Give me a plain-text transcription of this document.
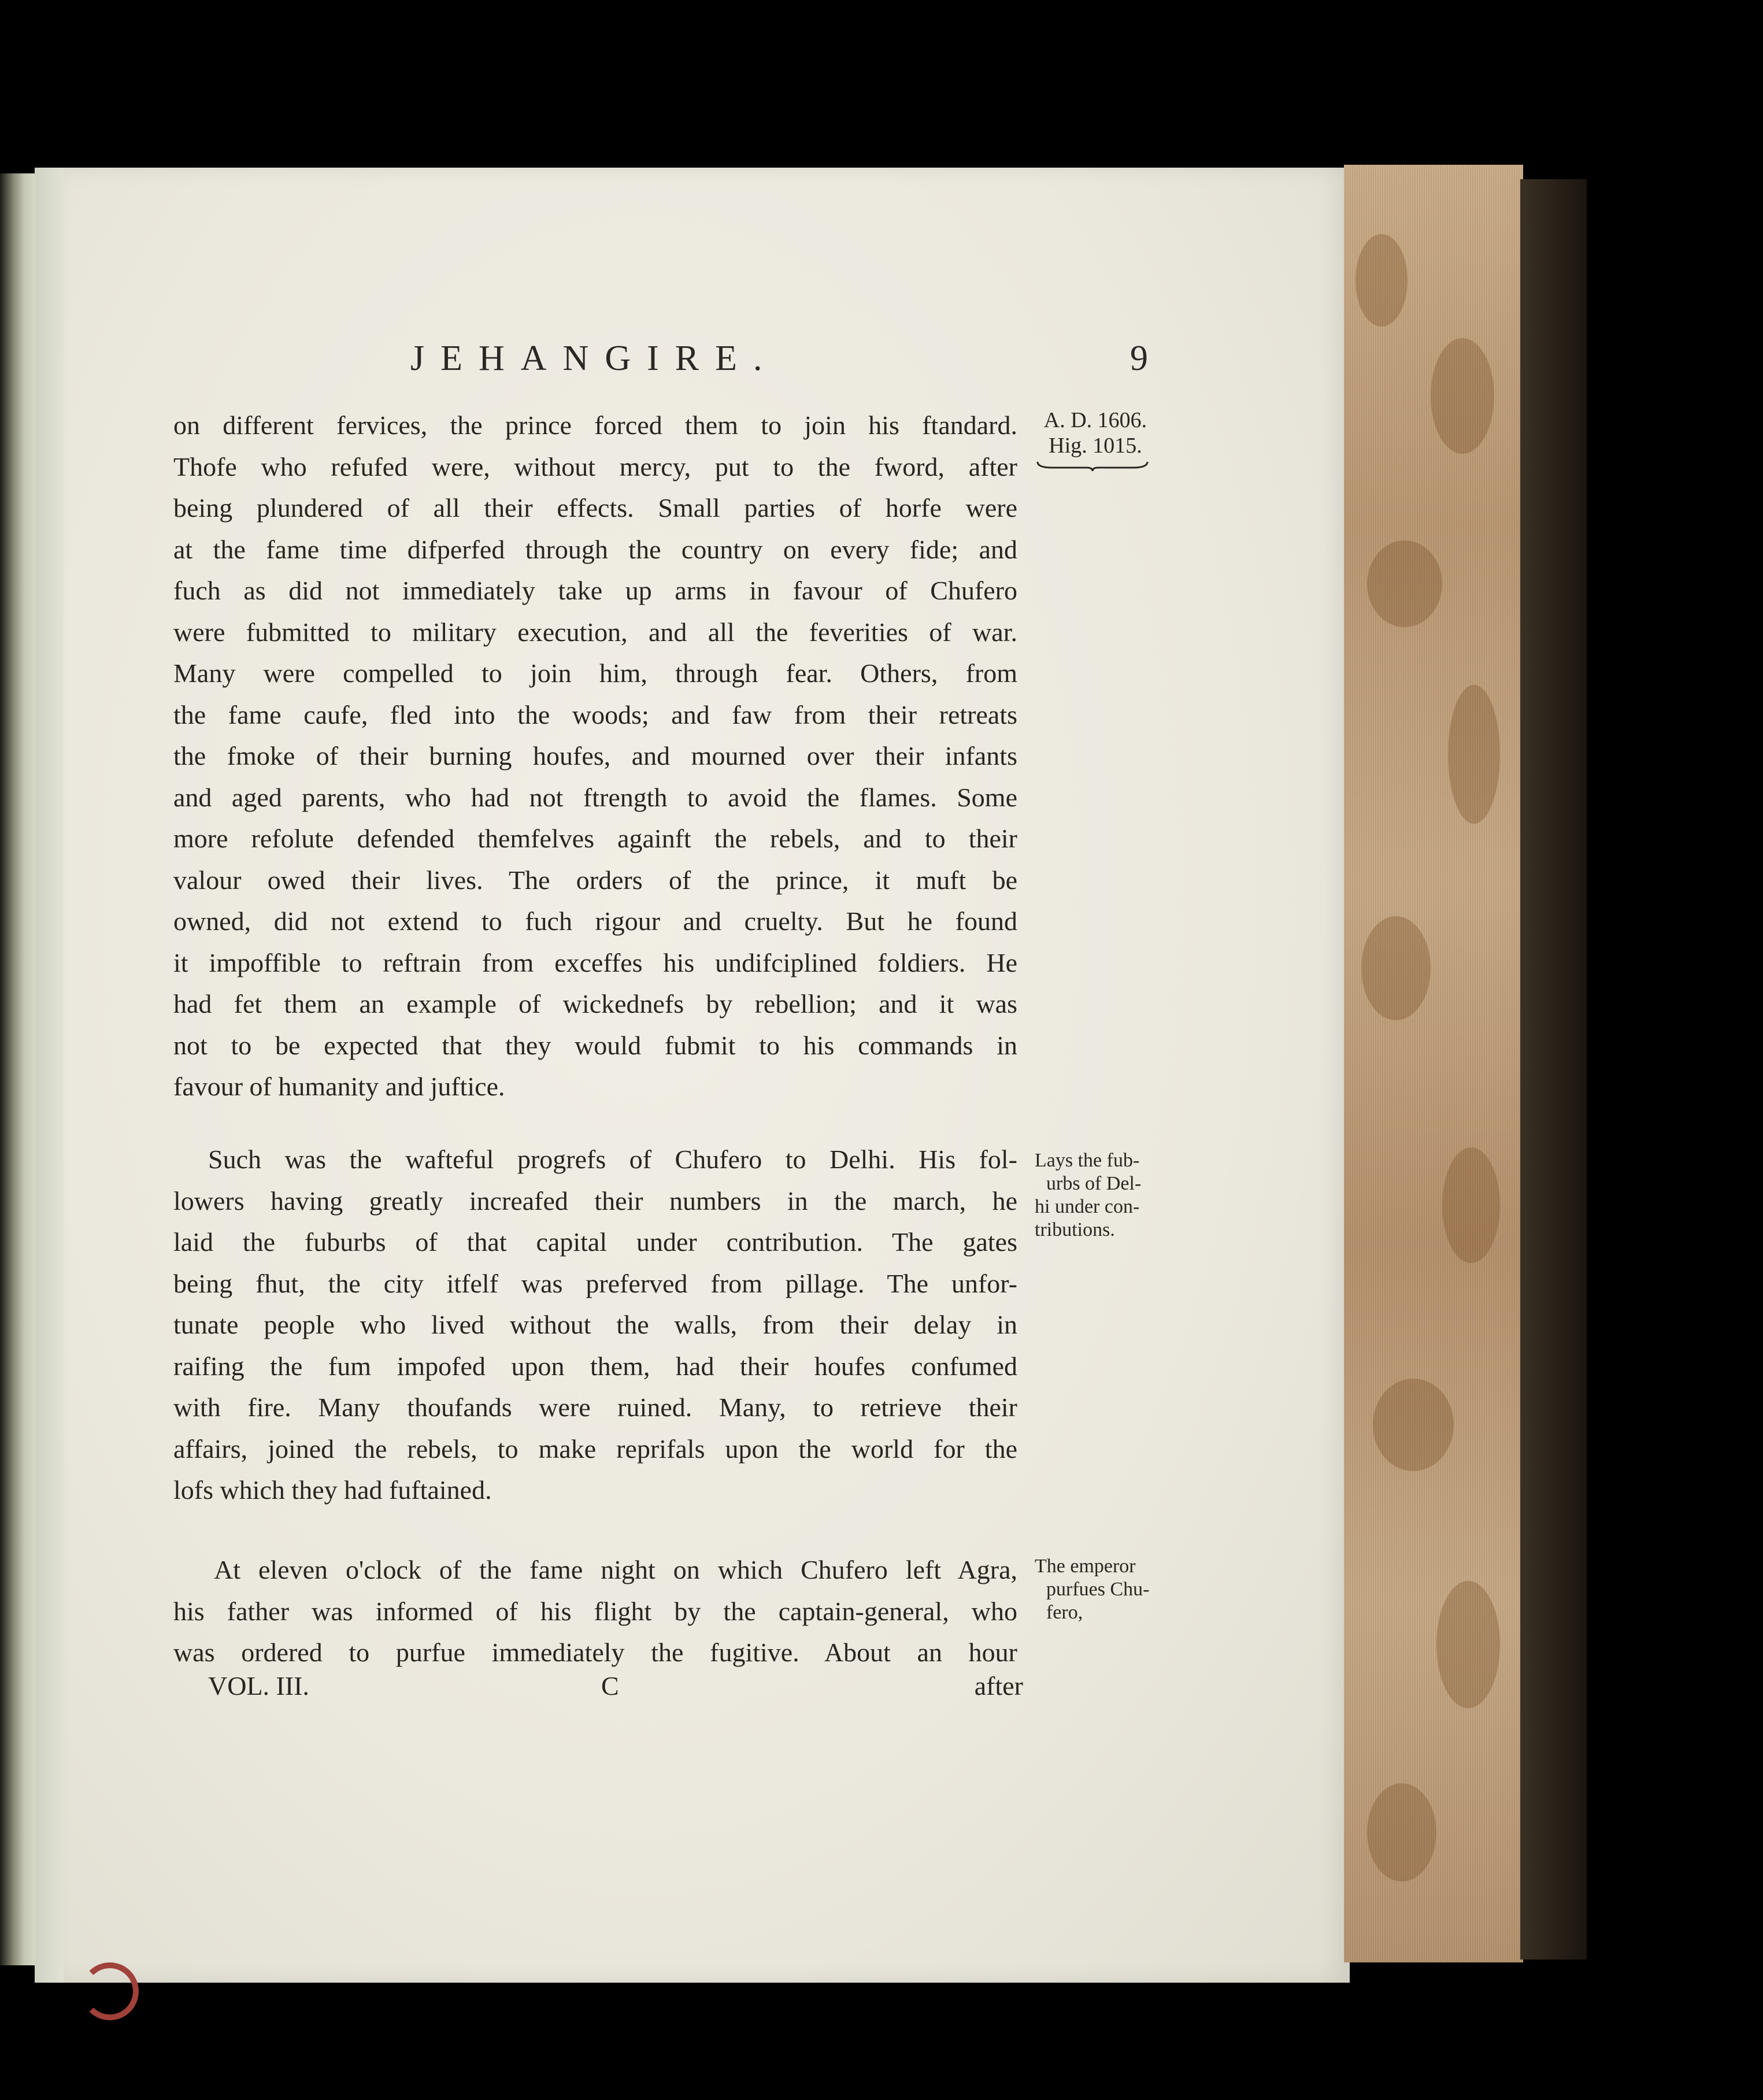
JEHANGIRE.	9
A. D. 1606.
Hig. 1015.
on different fervices, the prince forced them to join his ftandard.
Thofe who refufed were, without mercy, put to the fword, after
being plundered of all their effects. Small parties of horfe were
at the fame time difperfed through the country on every fide; and
fuch as did not immediately take up arms in favour of Chufero
were fubmitted to military execution, and all the feverities of war.
Many were compelled to join him, through fear. Others, from
the fame caufe, fled into the woods; and faw from their retreats
the fmoke of their burning houfes, and mourned over their infants
and aged parents, who had not ftrength to avoid the flames. Some
more refolute defended themfelves againft the rebels, and to their
valour owed their lives. The orders of the prince, it muft be
owned, did not extend to fuch rigour and cruelty. But he found
it impoffible to reftrain from exceffes his undifciplined foldiers. He
had fet them an example of wickednefs by rebellion; and it was
not to be expected that they would fubmit to his commands in
favour of humanity and juftice.
Lays the fub-
urbs of Del-
hi under con-
tributions.
Such was the wafteful progrefs of Chufero to Delhi. His fol-
lowers having greatly increafed their numbers in the march, he
laid the fuburbs of that capital under contribution. The gates
being fhut, the city itfelf was preferved from pillage. The unfor-
tunate people who lived without the walls, from their delay in
raifing the fum impofed upon them, had their houfes confumed
with fire. Many thoufands were ruined. Many, to retrieve their
affairs, joined the rebels, to make reprifals upon the world for the
lofs which they had fuftained.
The emperor
purfues Chu-
fero,
At eleven o'clock of the fame night on which Chufero left Agra,
his father was informed of his flight by the captain-general, who
was ordered to purfue immediately the fugitive. About an hour
VOL. III.	C	after
